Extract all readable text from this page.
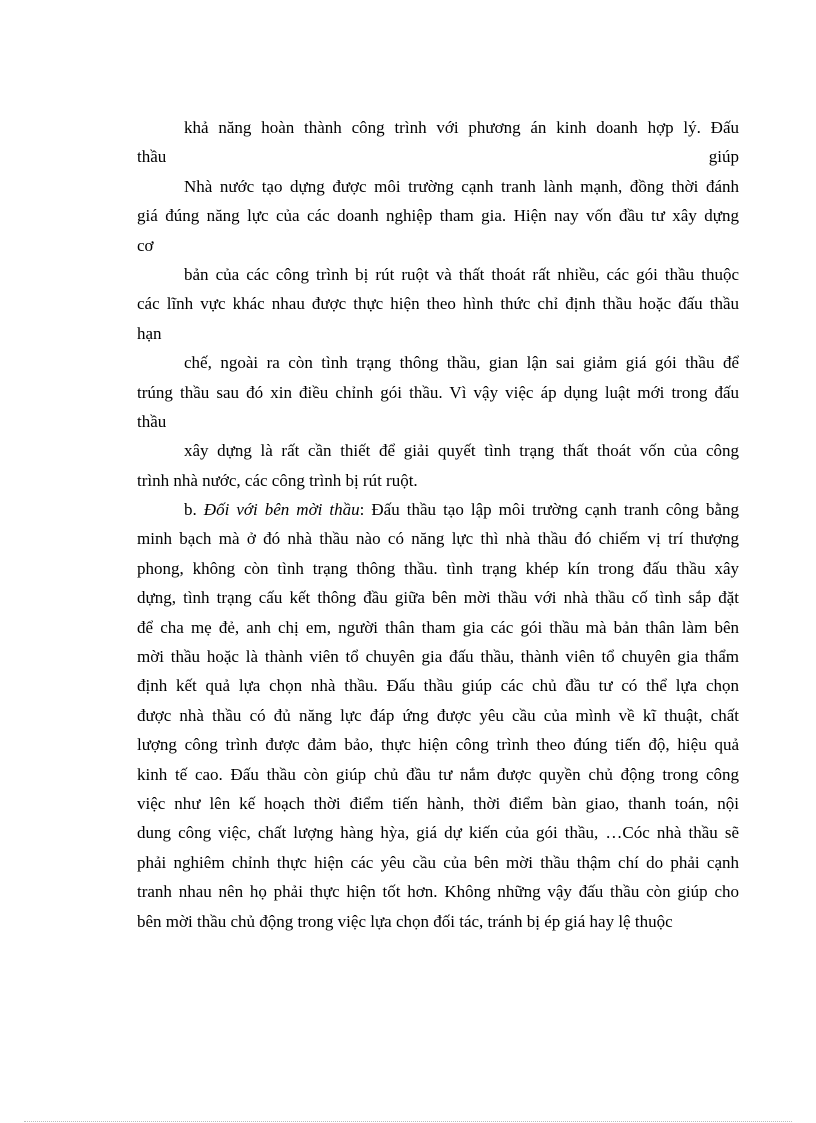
khả năng hoàn thành công trình với phương án kinh doanh hợp lý. Đấu
thầu	giúp
Nhà nước tạo dựng được môi trường cạnh tranh lành mạnh, đồng thời đánh
giá đúng năng lực của các doanh nghiệp tham gia. Hiện nay vốn đầu tư xây dựng
cơ
bản của các công trình bị rút ruột và thất thoát rất nhiều, các gói thầu thuộc
các lĩnh vực khác nhau được thực hiện theo hình thức chỉ định thầu hoặc đấu thầu
hạn
chế, ngoài ra còn tình trạng thông thầu, gian lận sai giảm giá gói thầu để
trúng thầu sau đó xin điều chỉnh gói thầu. Vì vậy việc áp dụng luật mới trong đấu
thầu
xây dựng là rất cần thiết để giải quyết tình trạng thất thoát vốn của công
trình nhà nước, các công trình bị rút ruột.
b. Đối với bên mời thầu: Đấu thầu tạo lập môi trường cạnh tranh công bằng
minh bạch mà ở đó nhà thầu nào có năng lực thì nhà thầu đó chiếm vị trí thượng
phong, không còn tình trạng thông thầu. tình trạng khép kín trong đấu thầu xây
dựng, tình trạng cấu kết thông đầu giữa bên mời thầu với nhà thầu cố tình sắp đặt
để cha mẹ đẻ, anh chị em, người thân tham gia các gói thầu mà bản thân làm bên
mời thầu hoặc là thành viên tổ chuyên gia đấu thầu, thành viên tổ chuyên gia thẩm
định kết quả lựa chọn nhà thầu. Đấu thầu giúp các chủ đầu tư có thể lựa chọn
được nhà thầu có đủ năng lực đáp ứng được yêu cầu của mình về kĩ thuật, chất
lượng công trình được đảm bảo, thực hiện công trình theo đúng tiến độ, hiệu quả
kinh tế cao. Đấu thầu còn giúp chủ đầu tư nắm được quyền chủ động trong công
việc như lên kế hoạch thời điểm tiến hành, thời điểm bàn giao, thanh toán, nội
dung công việc, chất lượng hàng hỳa, giá dự kiến của gói thầu, …Cóc nhà thầu sẽ
phải nghiêm chỉnh thực hiện các yêu cầu của bên mời thầu thậm chí do phải cạnh
tranh nhau nên họ phải thực hiện tốt hơn. Không những vậy đấu thầu còn giúp cho
bên mời thầu chủ động trong việc lựa chọn đối tác, tránh bị ép giá hay lệ thuộc
